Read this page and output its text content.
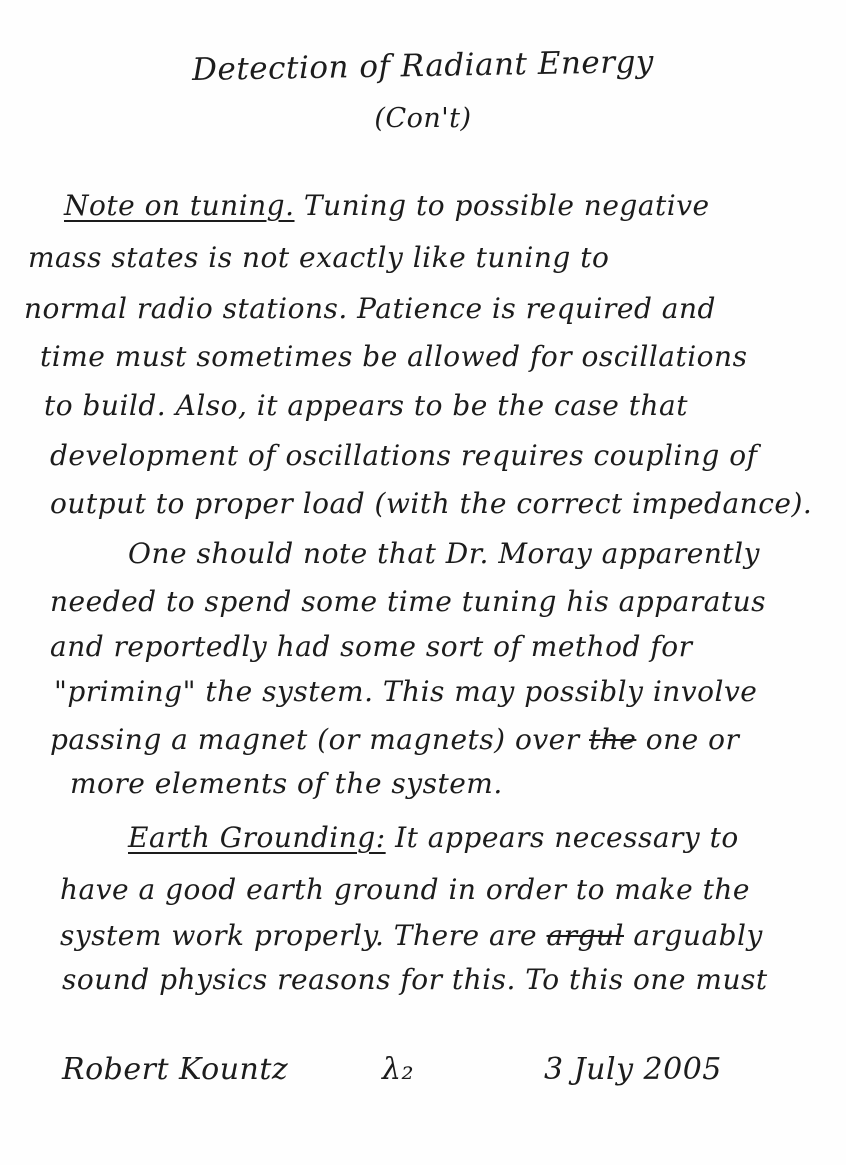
Detection of Radiant Energy
(Con't)
Note on tuning. Tuning to possible negative
mass states is not exactly like tuning to
normal radio stations. Patience is required and
time must sometimes be allowed for oscillations
to build. Also, it appears to be the case that
development of oscillations requires coupling of
output to proper load (with the correct impedance).
One should note that Dr. Moray apparently
needed to spend some time tuning his apparatus
and reportedly had some sort of method for
"priming" the system. This may possibly involve
passing a magnet (or magnets) over the one or
more elements of the system.
Earth Grounding: It appears necessary to
have a good earth ground in order to make the
system work properly. There are argul arguably
sound physics reasons for this. To this one must
Robert Kountz	λ₂	3 July 2005
